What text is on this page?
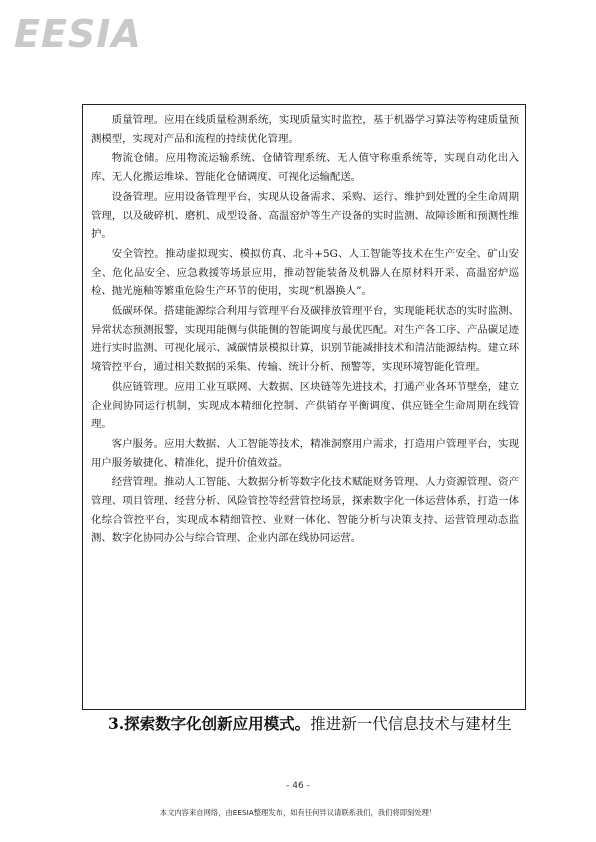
EESIA

质量管理。应用在线质量检测系统，实现质量实时监控，基于机器学习算法等构建质量预测模型，实现对产品和流程的持续优化管理。

物流仓储。应用物流运输系统、仓储管理系统、无人值守称重系统等，实现自动化出入库、无人化搬运堆垛、智能化仓储调度、可视化运输配送。

设备管理。应用设备管理平台，实现从设备需求、采购、运行、维护到处置的全生命周期管理，以及破碎机、磨机、成型设备、高温窑炉等生产设备的实时监测、故障诊断和预测性维护。

安全管控。推动虚拟现实、模拟仿真、北斗+5G、人工智能等技术在生产安全、矿山安全、危化品安全、应急救援等场景应用，推动智能装备及机器人在原材料开采、高温窑炉巡检、抛光施釉等繁重危险生产环节的使用，实现“机器换人”。

低碳环保。搭建能源综合利用与管理平台及碳排放管理平台，实现能耗状态的实时监测、异常状态预测报警，实现用能侧与供能侧的智能调度与最优匹配。对生产各工序、产品碳足迹进行实时监测、可视化展示、减碳情景模拟计算，识别节能减排技术和清洁能源结构。建立环境管控平台，通过相关数据的采集、传输、统计分析、预警等，实现环境智能化管理。

供应链管理。应用工业互联网、大数据、区块链等先进技术，打通产业各环节壁垒，建立企业间协同运行机制，实现成本精细化控制、产供销存平衡调度、供应链全生命周期在线管理。

客户服务。应用大数据、人工智能等技术，精准洞察用户需求，打造用户管理平台，实现用户服务敏捷化、精准化，提升价值效益。

经营管理。推动人工智能、大数据分析等数字化技术赋能财务管理、人力资源管理、资产管理、项目管理、经营分析、风险管控等经营管控场景，探索数字化一体运营体系，打造一体化综合管控平台，实现成本精细管控、业财一体化、智能分析与决策支持、运营管理动态监测、数字化协同办公与综合管理、企业内部在线协同运营。

3.探索数字化创新应用模式。推进新一代信息技术与建材生
- 46 -
本文内容来自网络，由EESIA整理发布，如有任何异议请联系我们，我们将即刻处理！
